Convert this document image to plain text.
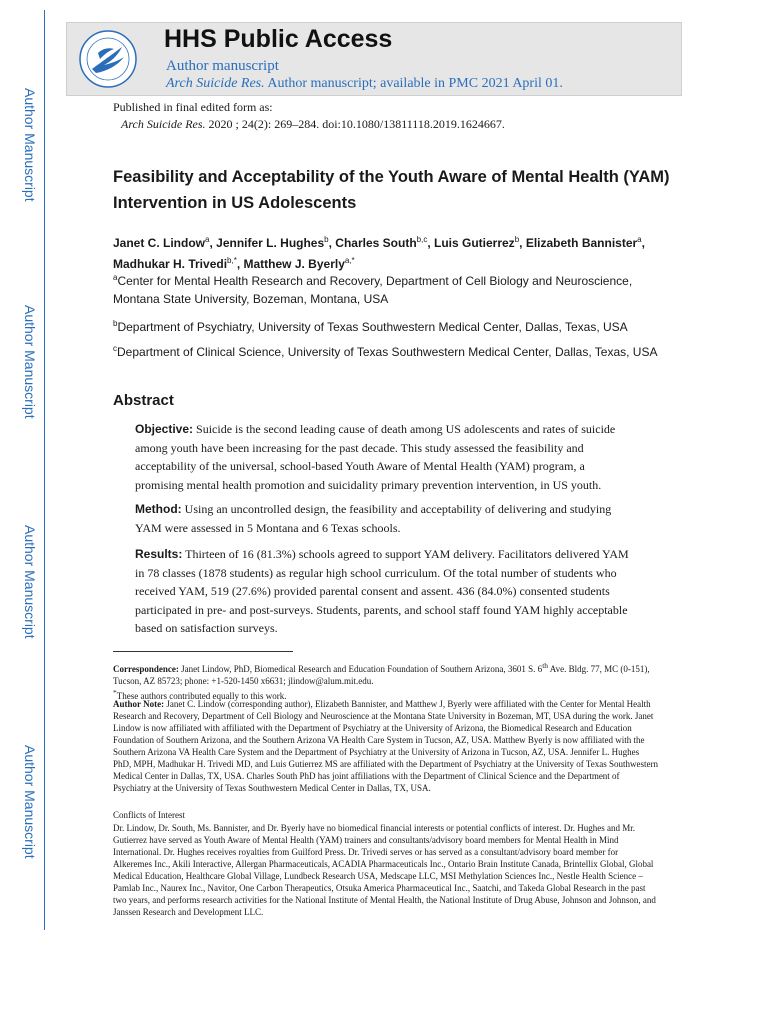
Author Manuscript
Author Manuscript
Author Manuscript
Author Manuscript
HHS Public Access
Author manuscript
Arch Suicide Res. Author manuscript; available in PMC 2021 April 01.
Published in final edited form as:
Arch Suicide Res. 2020 ; 24(2): 269–284. doi:10.1080/13811118.2019.1624667.
Feasibility and Acceptability of the Youth Aware of Mental Health (YAM) Intervention in US Adolescents
Janet C. Lindow$^a$, Jennifer L. Hughes$^b$, Charles South$^{b,c}$, Luis Gutierrez$^b$, Elizabeth Bannister$^a$, Madhukar H. Trivedi$^{b,*}$, Matthew J. Byerly$^{a,*}$
$^a$Center for Mental Health Research and Recovery, Department of Cell Biology and Neuroscience, Montana State University, Bozeman, Montana, USA
$^b$Department of Psychiatry, University of Texas Southwestern Medical Center, Dallas, Texas, USA
$^c$Department of Clinical Science, University of Texas Southwestern Medical Center, Dallas, Texas, USA
Abstract
Objective: Suicide is the second leading cause of death among US adolescents and rates of suicide among youth have been increasing for the past decade. This study assessed the feasibility and acceptability of the universal, school-based Youth Aware of Mental Health (YAM) program, a promising mental health promotion and suicidality primary prevention intervention, in US youth.
Method: Using an uncontrolled design, the feasibility and acceptability of delivering and studying YAM were assessed in 5 Montana and 6 Texas schools.
Results: Thirteen of 16 (81.3%) schools agreed to support YAM delivery. Facilitators delivered YAM in 78 classes (1878 students) as regular high school curriculum. Of the total number of students who received YAM, 519 (27.6%) provided parental consent and assent. 436 (84.0%) consented students participated in pre- and post-surveys. Students, parents, and school staff found YAM highly acceptable based on satisfaction surveys.
Correspondence: Janet Lindow, PhD, Biomedical Research and Education Foundation of Southern Arizona, 3601 S. 6th Ave. Bldg. 77, MC (0-151), Tucson, AZ 85723; phone: +1-520-1450 x6631; jlindow@alum.mit.edu.
*These authors contributed equally to this work.
Author Note: Janet C. Lindow (corresponding author), Elizabeth Bannister, and Matthew J, Byerly were affiliated with the Center for Mental Health Research and Recovery, Department of Cell Biology and Neuroscience at the Montana State University in Bozeman, MT, USA during the work. Janet Lindow is now affiliated with affiliated with the Department of Psychiatry at the University of Arizona, the Biomedical Research and Education Foundation of Southern Arizona, and the Southern Arizona VA Health Care System in Tucson, AZ, USA. Matthew Byerly is now affiliated with the Southern Arizona VA Health Care System and the Department of Psychiatry at the University of Arizona in Tucson, AZ, USA. Jennifer L. Hughes PhD, MPH, Madhukar H. Trivedi MD, and Luis Gutierrez MS are affiliated with the Department of Psychiatry at the University of Texas Southwestern Medical Center in Dallas, TX, USA. Charles South PhD has joint affiliations with the Department of Clinical Science and the Department of Psychiatry at the University of Texas Southwestern Medical Center in Dallas, TX, USA.
Conflicts of Interest
Dr. Lindow, Dr. South, Ms. Bannister, and Dr. Byerly have no biomedical financial interests or potential conflicts of interest. Dr. Hughes and Mr. Gutierrez have served as Youth Aware of Mental Health (YAM) trainers and consultants/advisory board members for Mental Health in Mind International. Dr. Hughes receives royalties from Guilford Press. Dr. Trivedi serves or has served as a consultant/advisory board member for Alkeremes Inc., Akili Interactive, Allergan Pharmaceuticals, ACADIA Pharmaceuticals Inc., Ontario Brain Institute Canada, Brintellix Global, Global Medical Education, Healthcare Global Village, Lundbeck Research USA, Medscape LLC, MSI Methylation Sciences Inc., Nestle Health Science – Pamlab Inc., Naurex Inc., Navitor, One Carbon Therapeutics, Otsuka America Pharmaceutical Inc., Saatchi, and Takeda Global Research in the past two years, and performs research activities for the National Institute of Mental Health, the National Institute of Drug Abuse, Johnson and Johnson, and Janssen Research and Development LLC.
